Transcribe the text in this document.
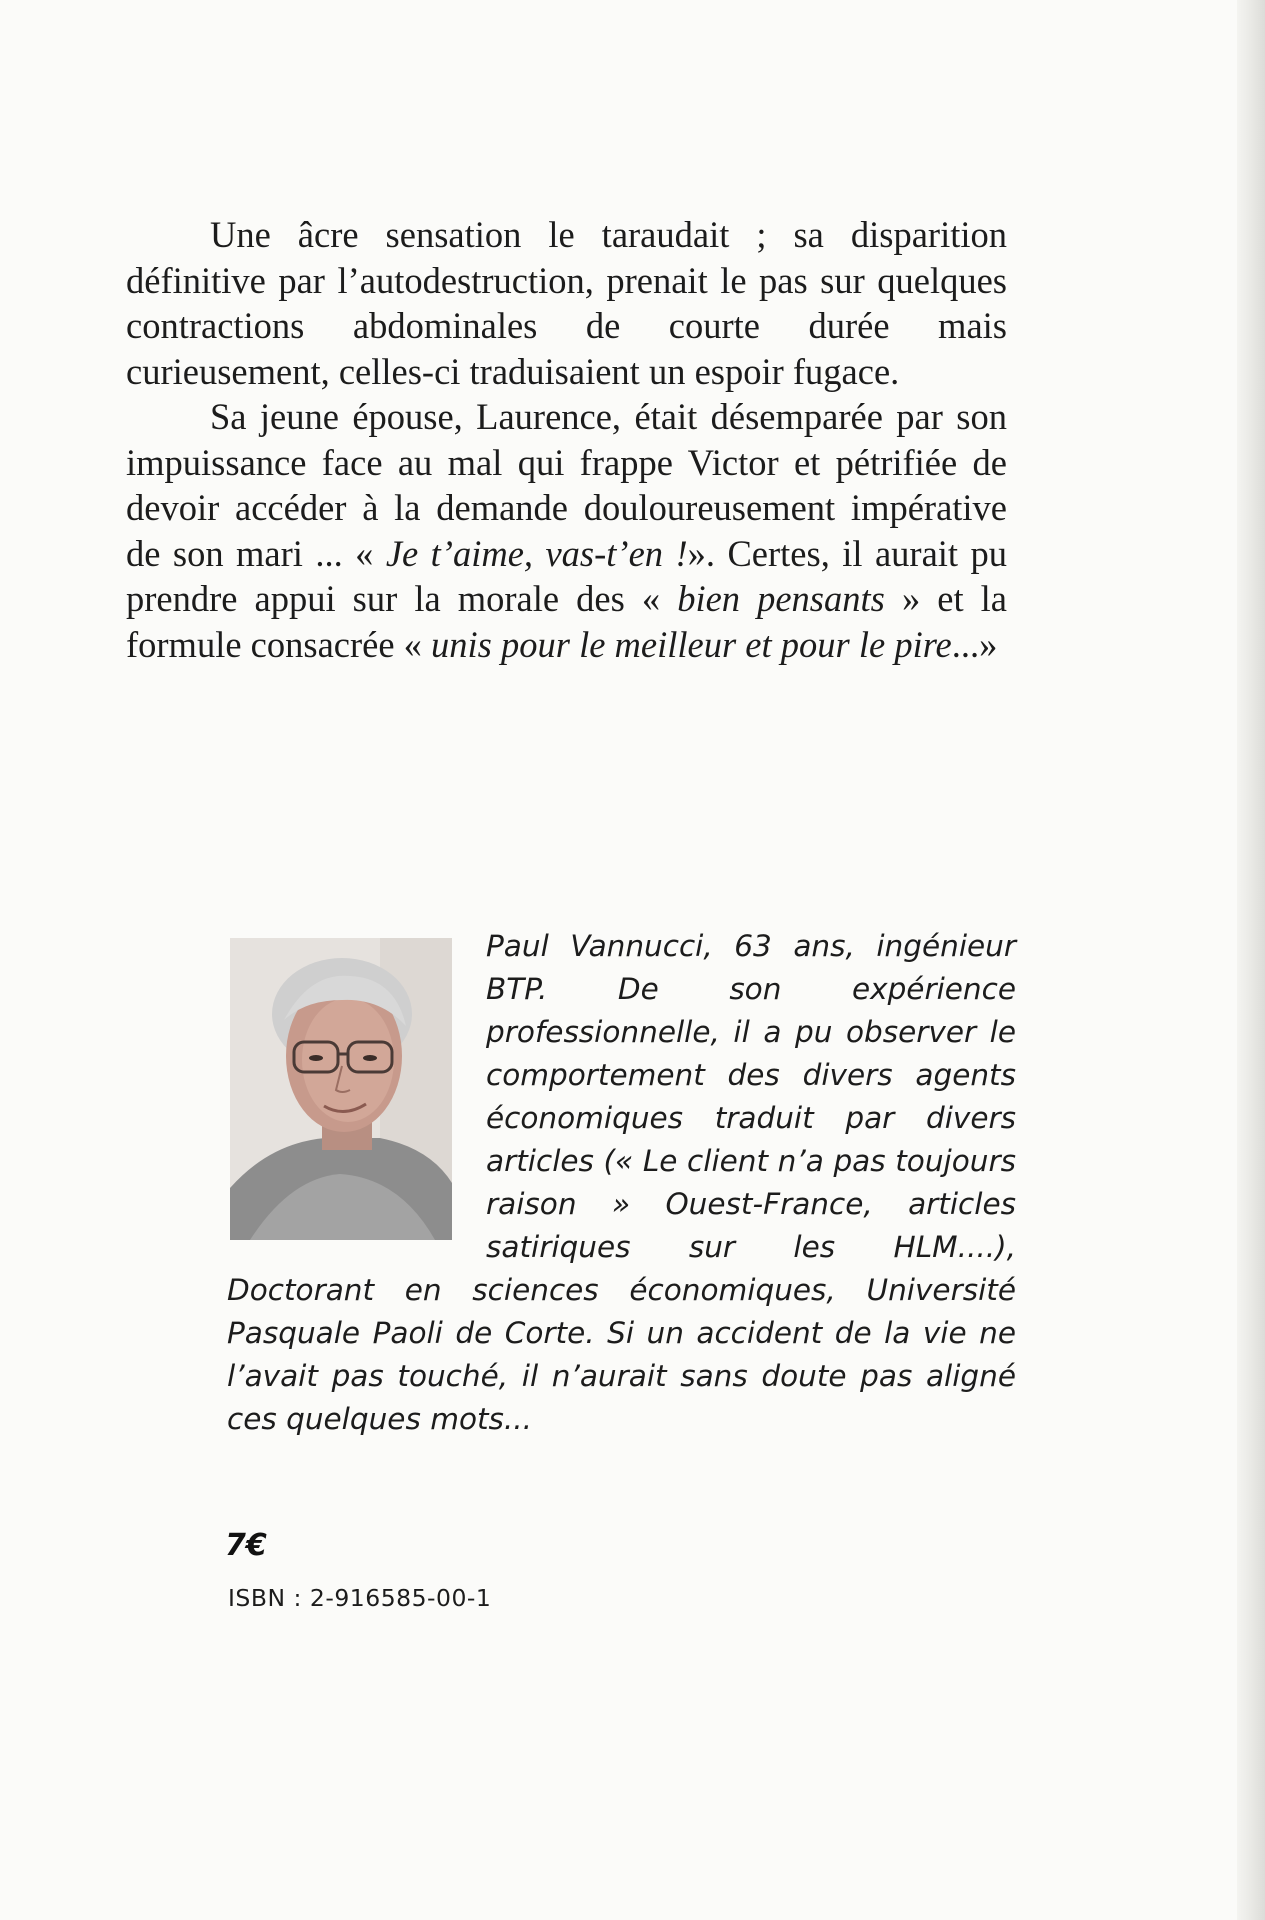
Une âcre sensation le taraudait ; sa disparition définitive par l’autodestruction, prenait le pas sur quelques contractions abdominales de courte durée mais curieusement, celles-ci traduisaient un espoir fugace.

Sa jeune épouse, Laurence, était désemparée par son impuissance face au mal qui frappe Victor et pétrifiée de devoir accéder à la demande douloureusement impérative de son mari ... « Je t’aime, vas-t’en !». Certes, il aurait pu prendre appui sur la morale des « bien pensants » et la formule consacrée « unis pour le meilleur et pour le pire...»

Paul Vannucci, 63 ans, ingénieur BTP. De son expérience professionnelle, il a pu observer le comportement des divers agents économiques traduit par divers articles (« Le client n’a pas toujours raison » Ouest-France, articles satiriques sur les HLM....), Doctorant en sciences économiques, Université Pasquale Paoli de Corte. Si un accident de la vie ne l’avait pas touché, il n’aurait sans doute pas aligné ces quelques mots...

7€
ISBN : 2-916585-00-1
